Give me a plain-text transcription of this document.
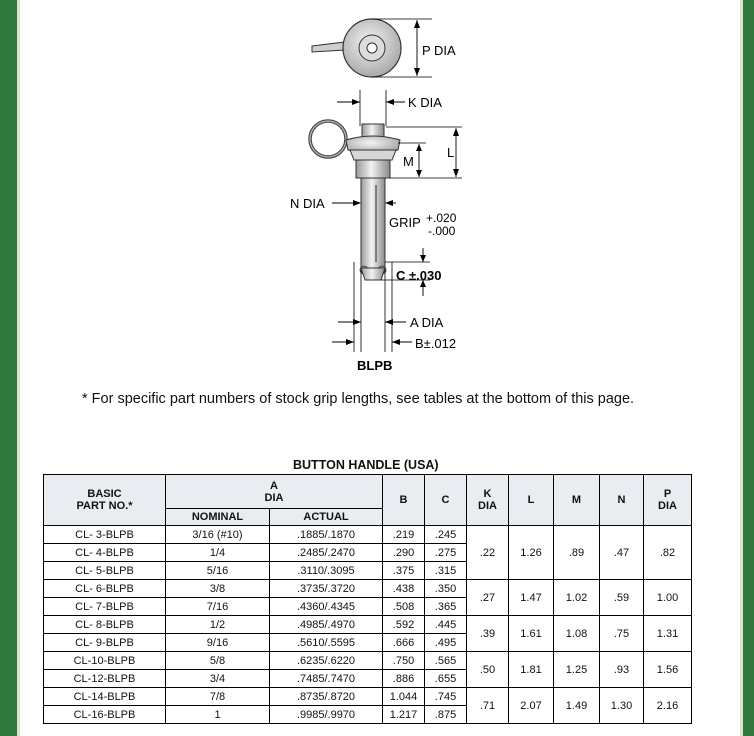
P DIA
K DIA
L
M
N DIA
GRIP +.020
-.000
C ±.030
A DIA
B±.012
BLPB
* For specific part numbers of stock grip lengths, see tables at the bottom of this page.
BUTTON HANDLE (USA)
BASIC
PART NO.*	A
DIA		B	C	K
DIA	L	M	N	P
DIA
	NOMINAL	ACTUAL							
CL- 3-BLPB	3/16 (#10)	.1885/.1870	.219	.245	.22	1.26	.89	.47	.82
CL- 4-BLPB	1/4	.2485/.2470	.290	.275					
CL- 5-BLPB	5/16	.3110/.3095	.375	.315					
CL- 6-BLPB	3/8	.3735/.3720	.438	.350	.27	1.47	1.02	.59	1.00
CL- 7-BLPB	7/16	.4360/.4345	.508	.365					
CL- 8-BLPB	1/2	.4985/.4970	.592	.445	.39	1.61	1.08	.75	1.31
CL- 9-BLPB	9/16	.5610/.5595	.666	.495					
CL-10-BLPB	5/8	.6235/.6220	.750	.565	.50	1.81	1.25	.93	1.56
CL-12-BLPB	3/4	.7485/.7470	.886	.655					
CL-14-BLPB	7/8	.8735/.8720	1.044	.745	.71	2.07	1.49	1.30	2.16
CL-16-BLPB	1	.9985/.9970	1.217	.875					
